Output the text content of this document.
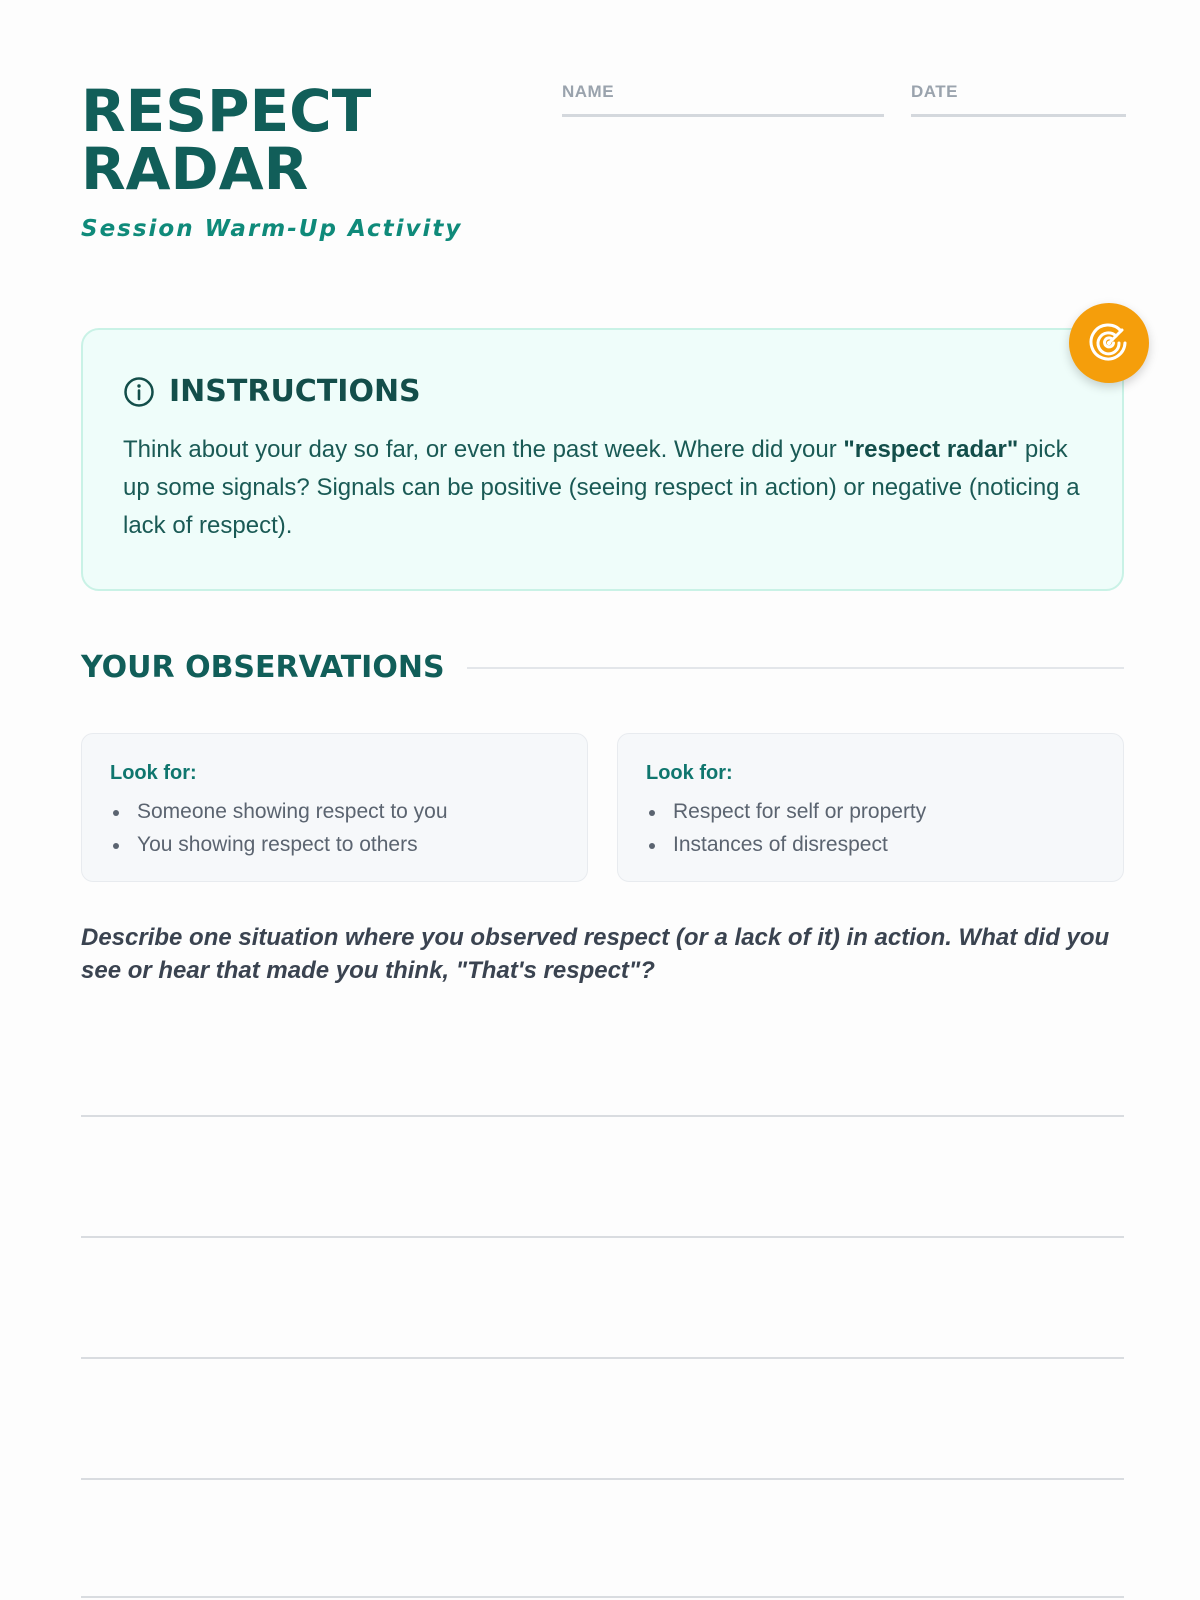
RESPECT
RADAR
Session Warm-Up Activity
NAME	DATE
INSTRUCTIONS
Think about your day so far, or even the past week. Where did your "respect radar" pick up some signals? Signals can be positive (seeing respect in action) or negative (noticing a lack of respect).
YOUR OBSERVATIONS
Look for:
Someone showing respect to you
You showing respect to others
Look for:
Respect for self or property
Instances of disrespect
Describe one situation where you observed respect (or a lack of it) in action. What did you see or hear that made you think, "That's respect"?
